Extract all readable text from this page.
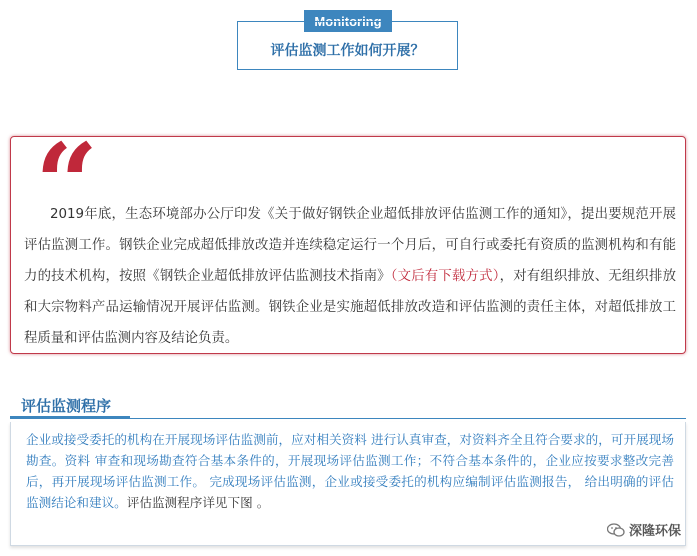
Monitoring
评估监测工作如何开展？
“
2019年底，生态环境部办公厅印发《关于做好钢铁企业超低排放评估监测工作的通知》，提出要规范开展评估监测工作。钢铁企业完成超低排放改造并连续稳定运行一个月后，可自行或委托有资质的监测机构和有能力的技术机构，按照《钢铁企业超低排放评估监测技术指南》（文后有下载方式），对有组织排放、无组织排放和大宗物料产品运输情况开展评估监测。钢铁企业是实施超低排放改造和评估监测的责任主体，对超低排放工程质量和评估监测内容及结论负责。
评估监测程序
企业或接受委托的机构在开展现场评估监测前，应对相关资料 进行认真审查，对资料齐全且符合要求的，可开展现场勘查。资料 审查和现场勘查符合基本条件的，开展现场评估监测工作；不符合基本条件的，企业应按要求整改完善后，再开展现场评估监测工作。 完成现场评估监测，企业或接受委托的机构应编制评估监测报告， 给出明确的评估监测结论和建议。评估监测程序详见下图 。
深隆环保
